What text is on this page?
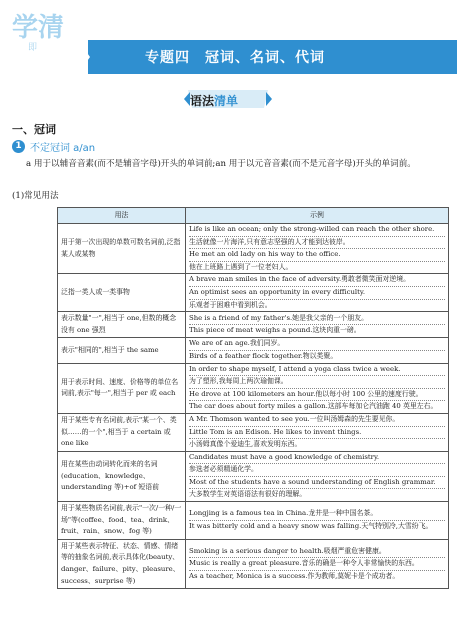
学清
即
专题四　冠词、名词、代词
语法清单
一、冠词
1 不定冠词 a/an
a 用于以辅音音素(而不是辅音字母)开头的单词前;an 用于以元音音素(而不是元音字母)开头的单词前。
(1)常见用法
用法	示例
用于第一次出现的单数可数名词前,泛指某人或某物	Life is like an ocean; only the strong-willed can reach the other shore.
生活就像一片海洋,只有意志坚强的人才能到达彼岸。
He met an old lady on his way to the office.
他在上班路上遇到了一位老妇人。

泛指一类人或一类事物	A brave man smiles in the face of adversity.勇敢者微笑面对逆境。
An optimist sees an opportunity in every difficulty.
乐观者于困难中看到机会。

表示数量"一",相当于 one,但数的概念没有 one 强烈	She is a friend of my father's.她是我父亲的一个朋友。
This piece of meat weighs a pound.这块肉重一磅。

表示"相同的",相当于 the same	We are of an age.我们同岁。
Birds of a feather flock together.物以类聚。

用于表示时间、速度、价格等的单位名词前,表示"每一",相当于 per 或 each	In order to shape myself, I attend a yoga class twice a week.
为了塑形,我每周上两次瑜伽课。
He drove at 100 kilometers an hour.他以每小时 100 公里的速度行驶。
The car does about forty miles a gallon.这部车每加仑汽油跑 40 英里左右。

用于某些专有名词前,表示"某一个、类似……的一个",相当于 a certain 或 one like	A Mr. Thomson wanted to see you.一位叫汤姆森的先生要见你。
Little Tom is an Edison. He likes to invent things.
小汤姆真像个爱迪生,喜欢发明东西。

用在某些由动词转化而来的名词(education、knowledge、understanding 等)+of 短语前	Candidates must have a good knowledge of chemistry.
参选者必须精通化学。
Most of the students have a sound understanding of English grammar.
大多数学生对英语语法有很好的理解。

用于某些物质名词前,表示"一次/一种/一场"等(coffee、food、tea、drink、fruit、rain、snow、fog 等)	Longjing is a famous tea in China.龙井是一种中国名茶。
It was bitterly cold and a heavy snow was falling.天气特别冷,大雪纷飞。

用于某些表示特征、状态、情感、情绪等的抽象名词前,表示具体化(beauty、danger、failure、pity、pleasure、success、surprise 等)	Smoking is a serious danger to health.吸烟严重危害健康。
Music is really a great pleasure.音乐的确是一种令人非常愉快的东西。
As a teacher, Monica is a success.作为教师,莫妮卡是个成功者。
